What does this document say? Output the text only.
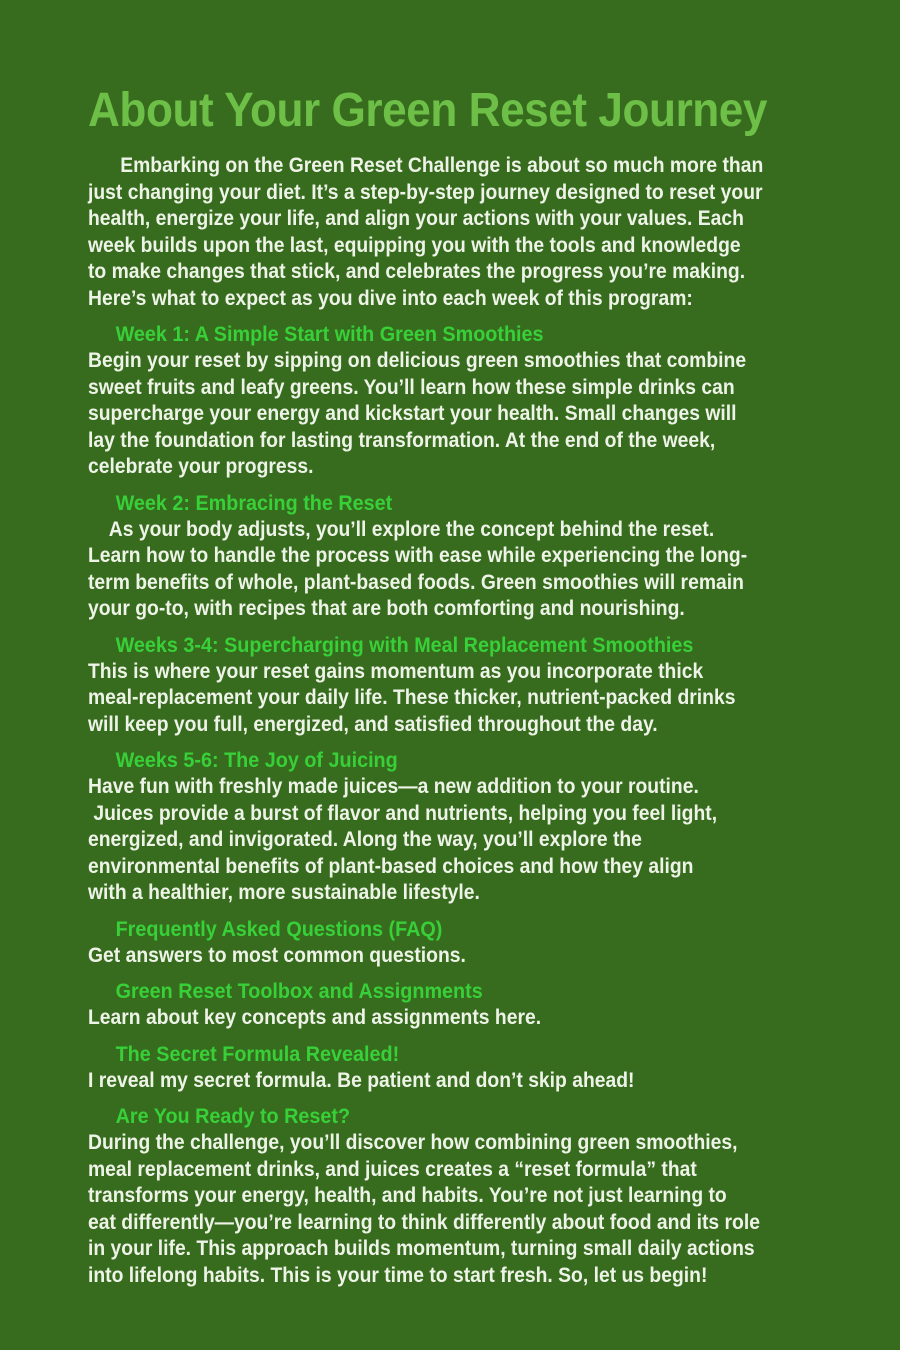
About Your Green Reset Journey
Embarking on the Green Reset Challenge is about so much more than
just changing your diet. It’s a step-by-step journey designed to reset your
health, energize your life, and align your actions with your values. Each
week builds upon the last, equipping you with the tools and knowledge
to make changes that stick, and celebrates the progress you’re making.
Here’s what to expect as you dive into each week of this program:
Week 1: A Simple Start with Green Smoothies
Begin your reset by sipping on delicious green smoothies that combine
sweet fruits and leafy greens. You’ll learn how these simple drinks can
supercharge your energy and kickstart your health. Small changes will
lay the foundation for lasting transformation. At the end of the week,
celebrate your progress.
Week 2: Embracing the Reset
As your body adjusts, you’ll explore the concept behind the reset.
Learn how to handle the process with ease while experiencing the long-
term benefits of whole, plant-based foods. Green smoothies will remain
your go-to, with recipes that are both comforting and nourishing.
Weeks 3-4: Supercharging with Meal Replacement Smoothies
This is where your reset gains momentum as you incorporate thick
meal-replacement your daily life. These thicker, nutrient-packed drinks
will keep you full, energized, and satisfied throughout the day.
Weeks 5-6: The Joy of Juicing
Have fun with freshly made juices—a new addition to your routine.
Juices provide a burst of flavor and nutrients, helping you feel light,
energized, and invigorated. Along the way, you’ll explore the
environmental benefits of plant-based choices and how they align
with a healthier, more sustainable lifestyle.
Frequently Asked Questions (FAQ)
Get answers to most common questions.
Green Reset Toolbox and Assignments
Learn about key concepts and assignments here.
The Secret Formula Revealed!
I reveal my secret formula. Be patient and don’t skip ahead!
Are You Ready to Reset?
During the challenge, you’ll discover how combining green smoothies,
meal replacement drinks, and juices creates a “reset formula” that
transforms your energy, health, and habits. You’re not just learning to
eat differently—you’re learning to think differently about food and its role
in your life. This approach builds momentum, turning small daily actions
into lifelong habits. This is your time to start fresh. So, let us begin!
